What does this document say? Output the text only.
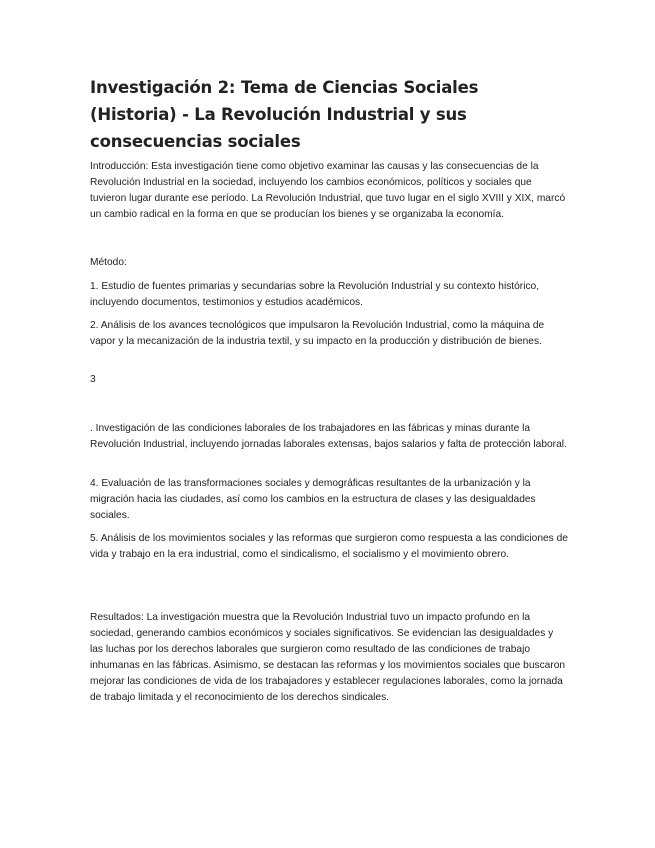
Investigación 2: Tema de Ciencias Sociales (Historia) - La Revolución Industrial y sus consecuencias sociales

Introducción: Esta investigación tiene como objetivo examinar las causas y las consecuencias de la Revolución Industrial en la sociedad, incluyendo los cambios económicos, políticos y sociales que tuvieron lugar durante ese período. La Revolución Industrial, que tuvo lugar en el siglo XVIII y XIX, marcó un cambio radical en la forma en que se producían los bienes y se organizaba la economía.

Método:

1. Estudio de fuentes primarias y secundarias sobre la Revolución Industrial y su contexto histórico, incluyendo documentos, testimonios y estudios académicos.

2. Análisis de los avances tecnológicos que impulsaron la Revolución Industrial, como la máquina de vapor y la mecanización de la industria textil, y su impacto en la producción y distribución de bienes.

3

. Investigación de las condiciones laborales de los trabajadores en las fábricas y minas durante la Revolución Industrial, incluyendo jornadas laborales extensas, bajos salarios y falta de protección laboral.

4. Evaluación de las transformaciones sociales y demográficas resultantes de la urbanización y la migración hacia las ciudades, así como los cambios en la estructura de clases y las desigualdades sociales.

5. Análisis de los movimientos sociales y las reformas que surgieron como respuesta a las condiciones de vida y trabajo en la era industrial, como el sindicalismo, el socialismo y el movimiento obrero.

Resultados: La investigación muestra que la Revolución Industrial tuvo un impacto profundo en la sociedad, generando cambios económicos y sociales significativos. Se evidencian las desigualdades y las luchas por los derechos laborales que surgieron como resultado de las condiciones de trabajo inhumanas en las fábricas. Asimismo, se destacan las reformas y los movimientos sociales que buscaron mejorar las condiciones de vida de los trabajadores y establecer regulaciones laborales, como la jornada de trabajo limitada y el reconocimiento de los derechos sindicales.
